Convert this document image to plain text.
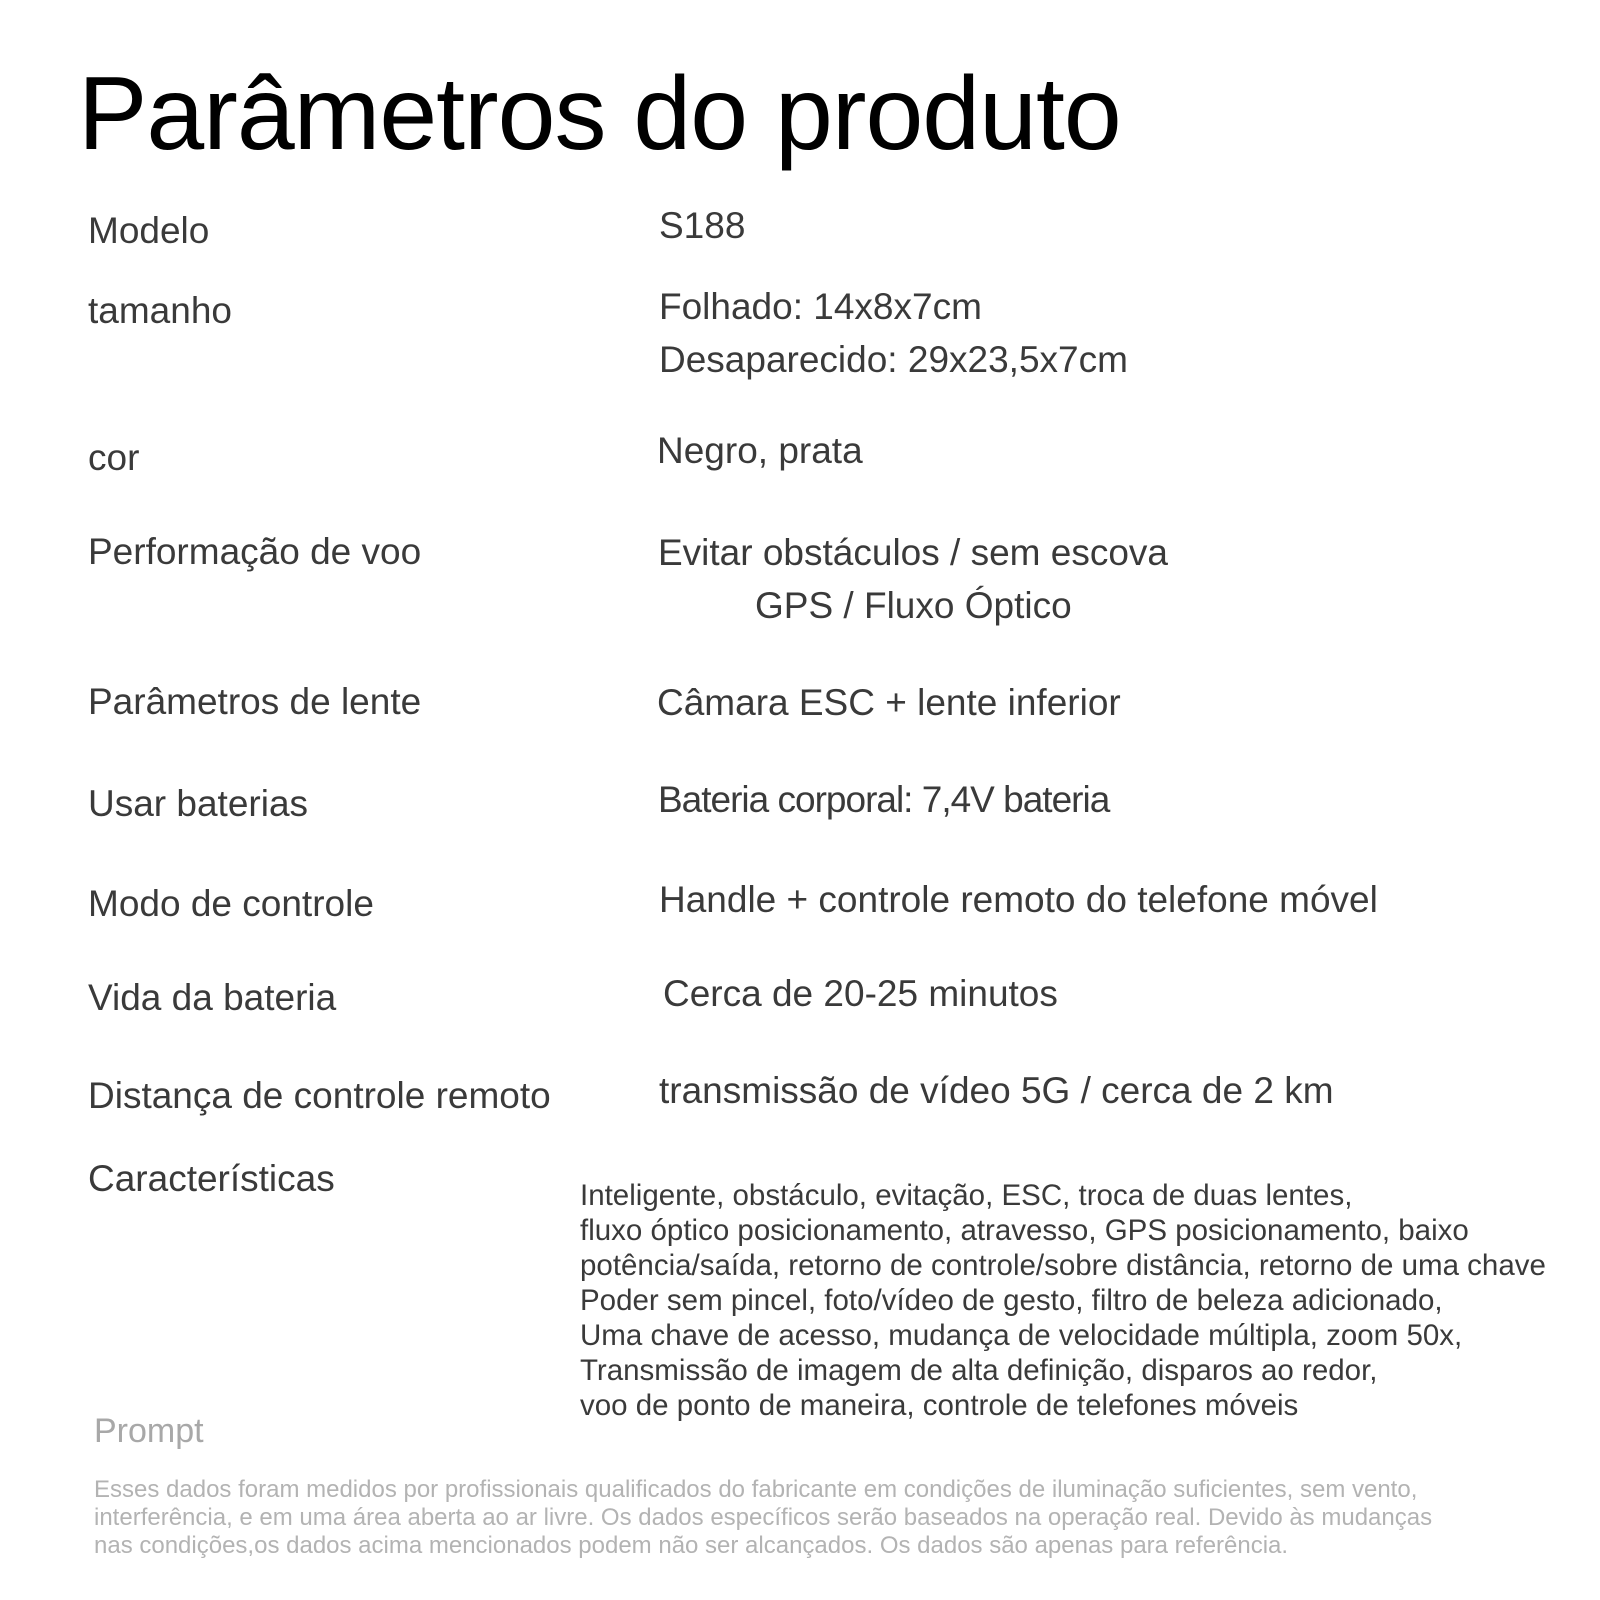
Parâmetros do produto
Modelo	S188
tamanho	Folhado: 14x8x7cm
Desaparecido: 29x23,5x7cm
cor	Negro, prata
Performação de voo	Evitar obstáculos / sem escova
GPS / Fluxo Óptico
Parâmetros de lente	Câmara ESC + lente inferior
Usar baterias	Bateria corporal: 7,4V bateria
Modo de controle	Handle + controle remoto do telefone móvel
Vida da bateria	Cerca de 20-25 minutos
Distança de controle remoto	transmissão de vídeo 5G / cerca de 2 km
Características	Inteligente, obstáculo, evitação, ESC, troca de duas lentes,
fluxo óptico posicionamento, atravesso, GPS posicionamento, baixo
potência/saída, retorno de controle/sobre distância, retorno de uma chave
Poder sem pincel, foto/vídeo de gesto, filtro de beleza adicionado,
Uma chave de acesso, mudança de velocidade múltipla, zoom 50x,
Transmissão de imagem de alta definição, disparos ao redor,
voo de ponto de maneira, controle de telefones móveis
Prompt
Esses dados foram medidos por profissionais qualificados do fabricante em condições de iluminação suficientes, sem vento,
interferência, e em uma área aberta ao ar livre. Os dados específicos serão baseados na operação real. Devido às mudanças
nas condições,os dados acima mencionados podem não ser alcançados. Os dados são apenas para referência.
